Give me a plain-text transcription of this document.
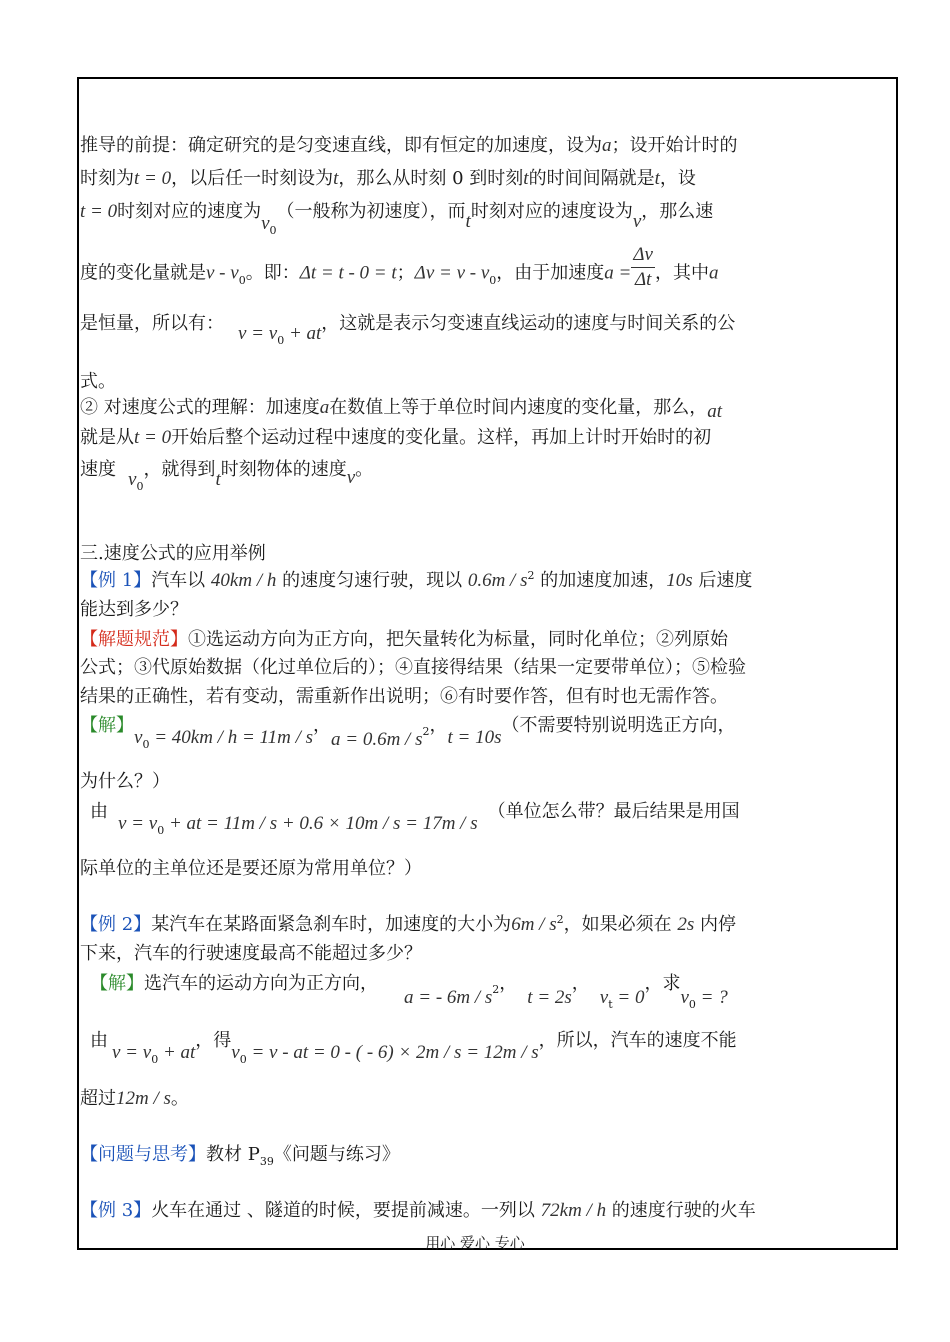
推导的前提：确定研究的是匀变速直线，即有恒定的加速度，设为a；设开始计时的
时刻为t = 0，以后任一时刻设为t，那么从时刻 0 到时刻t的时间间隔就是t，设
t = 0时刻对应的速度为$v_0$（一般称为初速度），而t时刻对应的速度设为v，那么速
度的变化量就是v - $v_0$。即：Δt = t - 0 = t；$\Delta v = v - v_0$，由于加速度$a = \frac{\Delta v}{\Delta t}$ ，其中a
是恒量，所以有： $v = v_0$ + at，这就是表示匀变速直线运动的速度与时间关系的公
式。
② 对速度公式的理解：加速度a在数值上等于单位时间内速度的变化量，那么，at
就是从t = 0开始后整个运动过程中速度的变化量。这样，再加上计时开始时的初
速度 $v_0$，就得到t时刻物体的速度v。
三.速度公式的应用举例
【例 1】汽车以 40km / h 的速度匀速行驶，现以 $0.6m / s^2$ 的加速度加速，10s 后速度
能达到多少？
【解题规范】①选运动方向为正方向，把矢量转化为标量，同时化单位；②列原始
公式；③代原始数据（化过单位后的）；④直接得结果（结果一定要带单位）；⑤检验
结果的正确性，若有变动，需重新作出说明；⑥有时要作答，但有时也无需作答。
【解】$v_0 = 40km / h = 11m / s$，$a = 0.6m / s_2$，t = 10s（不需要特别说明选正方向，
为什么？）
由$v = v_0$ + at = 11m / s + 0.6 × 10m / s = 17m / s（单位怎么带？最后结果是用国
际单位的主单位还是要还原为常用单位？）
【例 2】某汽车在某路面紧急刹车时，加速度的大小为$6m / s^2$，如果必须在 2s 内停
下来，汽车的行驶速度最高不能超过多少？
【解】选汽车的运动方向为正方向，a = - $6m / s_2$，t = 2s，$v_t = 0$，求$v_0$ = ?
由$v = v_0$ + at，得$v_0 = v$ - at = 0 - ( - 6) × 2m / s = 12m / s，所以，汽车的速度不能
超过12m / s。
【问题与思考】教材 $P_{39}$《问题与练习》
【例 3】火车在通过 、隧道的时候，要提前减速。一列以 72km / h 的速度行驶的火车
用心 爱心 专心
